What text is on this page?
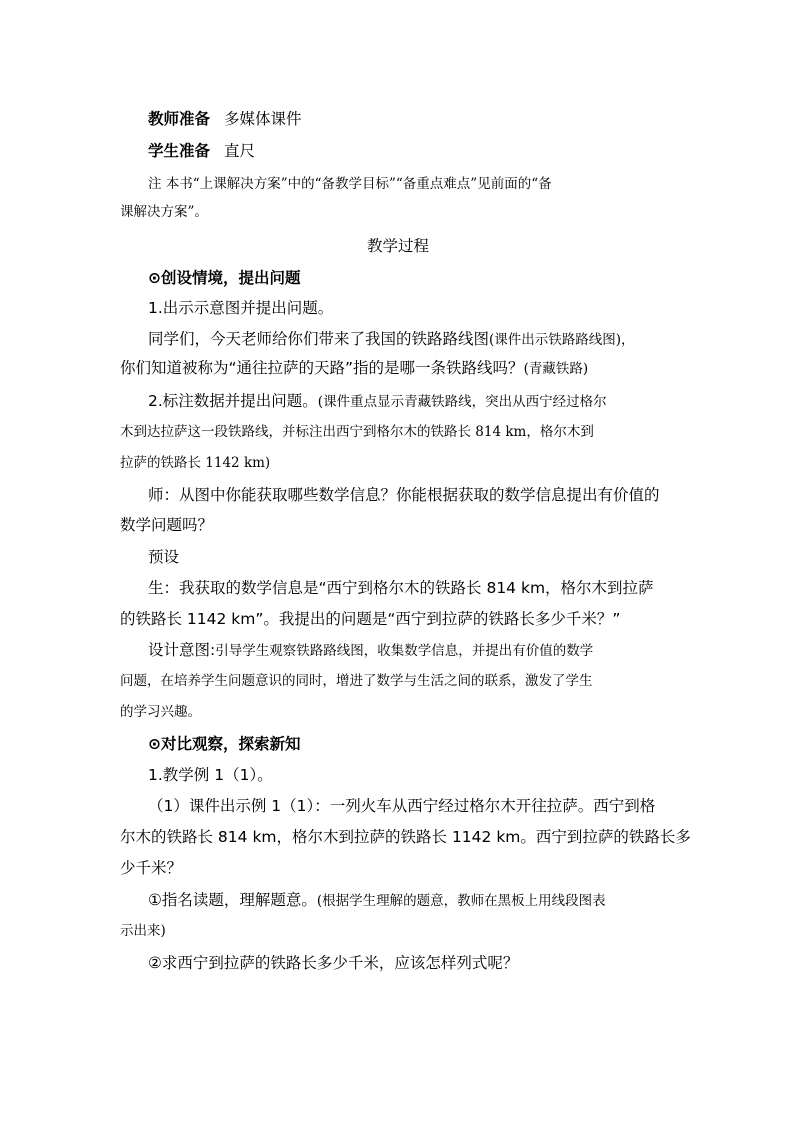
教师准备 多媒体课件

学生准备 直尺

注 本书“上课解决方案”中的“备教学目标”“备重点难点”见前面的“备

课解决方案”。

教学过程

⊙创设情境，提出问题

1.出示示意图并提出问题。

同学们，今天老师给你们带来了我国的铁路路线图(课件出示铁路路线图)，

你们知道被称为“通往拉萨的天路”指的是哪一条铁路线吗？(青藏铁路)

2.标注数据并提出问题。(课件重点显示青藏铁路线，突出从西宁经过格尔

木到达拉萨这一段铁路线，并标注出西宁到格尔木的铁路长 814 km，格尔木到

拉萨的铁路长 1142 km)

师：从图中你能获取哪些数学信息？你能根据获取的数学信息提出有价值的

数学问题吗？

预设

生：我获取的数学信息是“西宁到格尔木的铁路长 814 km，格尔木到拉萨

的铁路长 1142 km”。我提出的问题是“西宁到拉萨的铁路长多少千米？”

设计意图:引导学生观察铁路路线图，收集数学信息，并提出有价值的数学

问题，在培养学生问题意识的同时，增进了数学与生活之间的联系，激发了学生

的学习兴趣。

⊙对比观察，探索新知

1.教学例 1（1）。

（1）课件出示例 1（1）：一列火车从西宁经过格尔木开往拉萨。西宁到格

尔木的铁路长 814 km，格尔木到拉萨的铁路长 1142 km。西宁到拉萨的铁路长多

少千米？

①指名读题，理解题意。(根据学生理解的题意，教师在黑板上用线段图表

示出来)

②求西宁到拉萨的铁路长多少千米，应该怎样列式呢？
